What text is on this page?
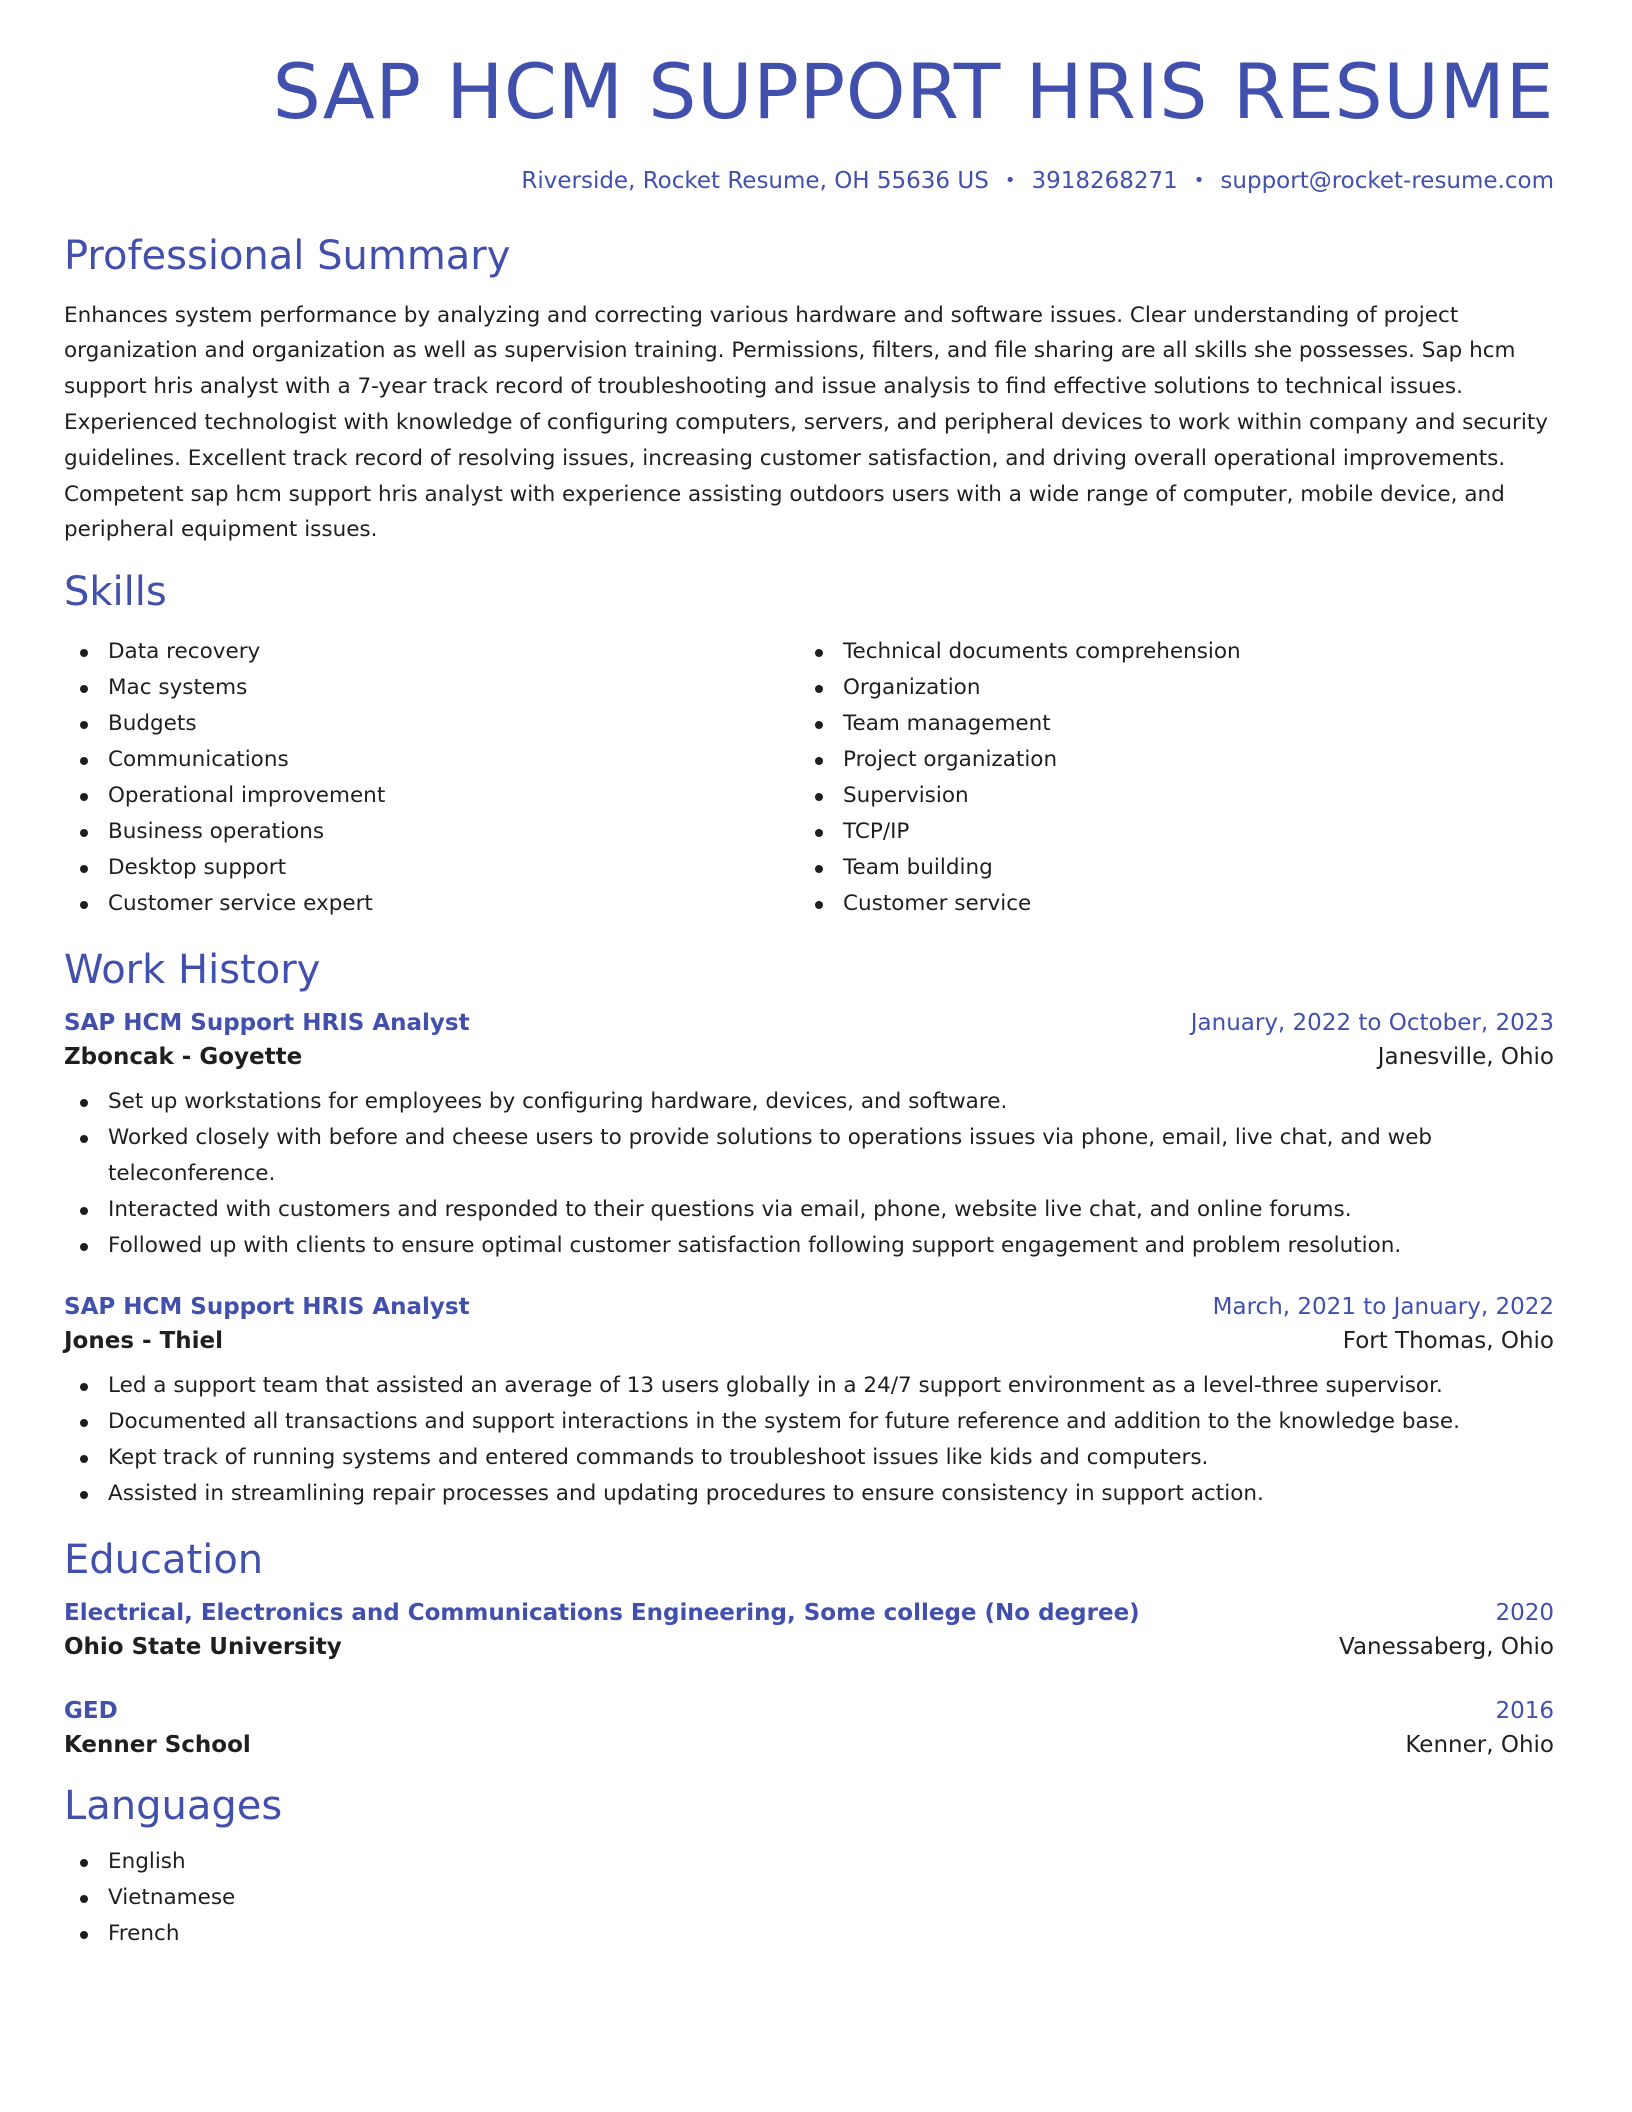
SAP HCM SUPPORT HRIS RESUME
Riverside, Rocket Resume, OH 55636 US • 3918268271 • support@rocket-resume.com
Professional Summary
Enhances system performance by analyzing and correcting various hardware and software issues. Clear understanding of project organization and organization as well as supervision training. Permissions, filters, and file sharing are all skills she possesses. Sap hcm support hris analyst with a 7-year track record of troubleshooting and issue analysis to find effective solutions to technical issues. Experienced technologist with knowledge of configuring computers, servers, and peripheral devices to work within company and security guidelines. Excellent track record of resolving issues, increasing customer satisfaction, and driving overall operational improvements. Competent sap hcm support hris analyst with experience assisting outdoors users with a wide range of computer, mobile device, and peripheral equipment issues.
Skills
Data recovery
Mac systems
Budgets
Communications
Operational improvement
Business operations
Desktop support
Customer service expert
Technical documents comprehension
Organization
Team management
Project organization
Supervision
TCP/IP
Team building
Customer service
Work History
SAP HCM Support HRIS Analyst	January, 2022 to October, 2023
Zboncak - Goyette	Janesville, Ohio
Set up workstations for employees by configuring hardware, devices, and software.
Worked closely with before and cheese users to provide solutions to operations issues via phone, email, live chat, and web teleconference.
Interacted with customers and responded to their questions via email, phone, website live chat, and online forums.
Followed up with clients to ensure optimal customer satisfaction following support engagement and problem resolution.
SAP HCM Support HRIS Analyst	March, 2021 to January, 2022
Jones - Thiel	Fort Thomas, Ohio
Led a support team that assisted an average of 13 users globally in a 24/7 support environment as a level-three supervisor.
Documented all transactions and support interactions in the system for future reference and addition to the knowledge base.
Kept track of running systems and entered commands to troubleshoot issues like kids and computers.
Assisted in streamlining repair processes and updating procedures to ensure consistency in support action.
Education
Electrical, Electronics and Communications Engineering, Some college (No degree)	2020
Ohio State University	Vanessaberg, Ohio
GED	2016
Kenner School	Kenner, Ohio
Languages
English
Vietnamese
French
